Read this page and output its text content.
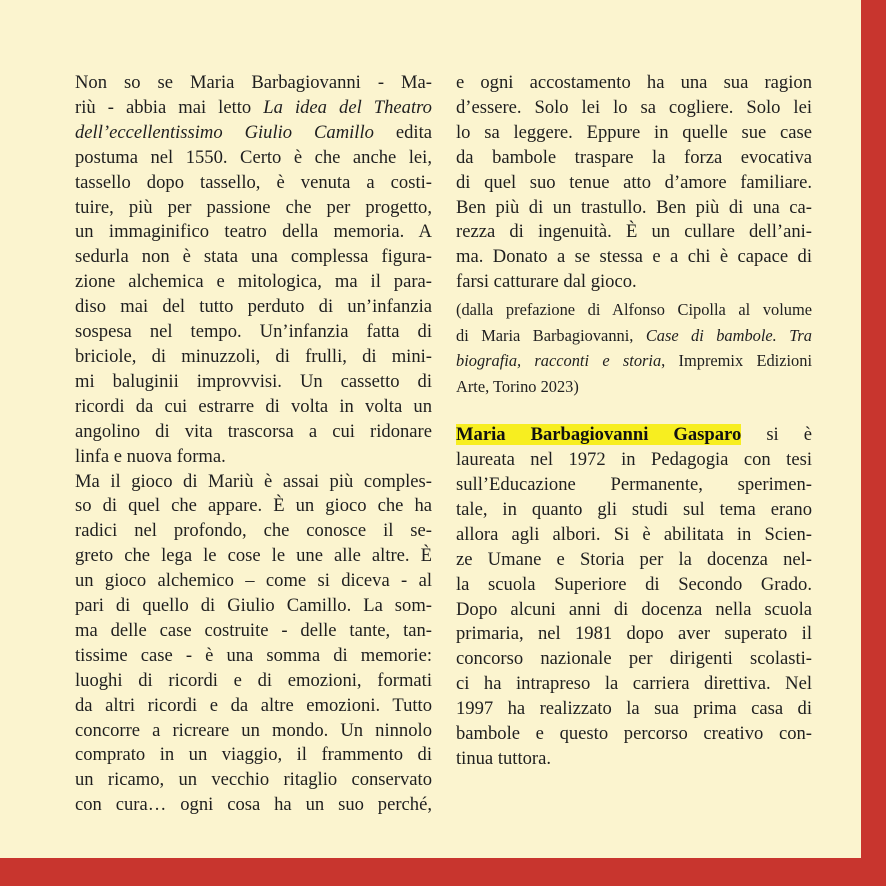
Non so se Maria Barbagiovanni - Ma-
riù - abbia mai letto La idea del Theatro
dell’eccellentissimo Giulio Camillo edita
postuma nel 1550. Certo è che anche lei,
tassello dopo tassello, è venuta a costi-
tuire, più per passione che per progetto,
un immaginifico teatro della memoria. A
sedurla non è stata una complessa figura-
zione alchemica e mitologica, ma il para-
diso mai del tutto perduto di un’infanzia
sospesa nel tempo. Un’infanzia fatta di
briciole, di minuzzoli, di frulli, di mini-
mi baluginii improvvisi. Un cassetto di
ricordi da cui estrarre di volta in volta un
angolino di vita trascorsa a cui ridonare
linfa e nuova forma.

Ma il gioco di Mariù è assai più comples-
so di quel che appare. È un gioco che ha
radici nel profondo, che conosce il se-
greto che lega le cose le une alle altre. È
un gioco alchemico – come si diceva - al
pari di quello di Giulio Camillo. La som-
ma delle case costruite - delle tante, tan-
tissime case - è una somma di memorie:
luoghi di ricordi e di emozioni, formati
da altri ricordi e da altre emozioni. Tutto
concorre a ricreare un mondo. Un ninnolo
comprato in un viaggio, il frammento di
un ricamo, un vecchio ritaglio conservato
con cura… ogni cosa ha un suo perché,

e ogni accostamento ha una sua ragion
d’essere. Solo lei lo sa cogliere. Solo lei
lo sa leggere. Eppure in quelle sue case
da bambole traspare la forza evocativa
di quel suo tenue atto d’amore familiare.
Ben più di un trastullo. Ben più di una ca-
rezza di ingenuità. È un cullare dell’ani-
ma. Donato a se stessa e a chi è capace di
farsi catturare dal gioco.

(dalla prefazione di Alfonso Cipolla al volume
di Maria Barbagiovanni, Case di bambole. Tra
biografia, racconti e storia, Impremix Edizioni
Arte, Torino 2023)

Maria Barbagiovanni Gasparo si è
laureata nel 1972 in Pedagogia con tesi
sull’Educazione Permanente, sperimen-
tale, in quanto gli studi sul tema erano
allora agli albori. Si è abilitata in Scien-
ze Umane e Storia per la docenza nel-
la scuola Superiore di Secondo Grado.
Dopo alcuni anni di docenza nella scuola
primaria, nel 1981 dopo aver superato il
concorso nazionale per dirigenti scolasti-
ci ha intrapreso la carriera direttiva. Nel
1997 ha realizzato la sua prima casa di
bambole e questo percorso creativo con-
tinua tuttora.
